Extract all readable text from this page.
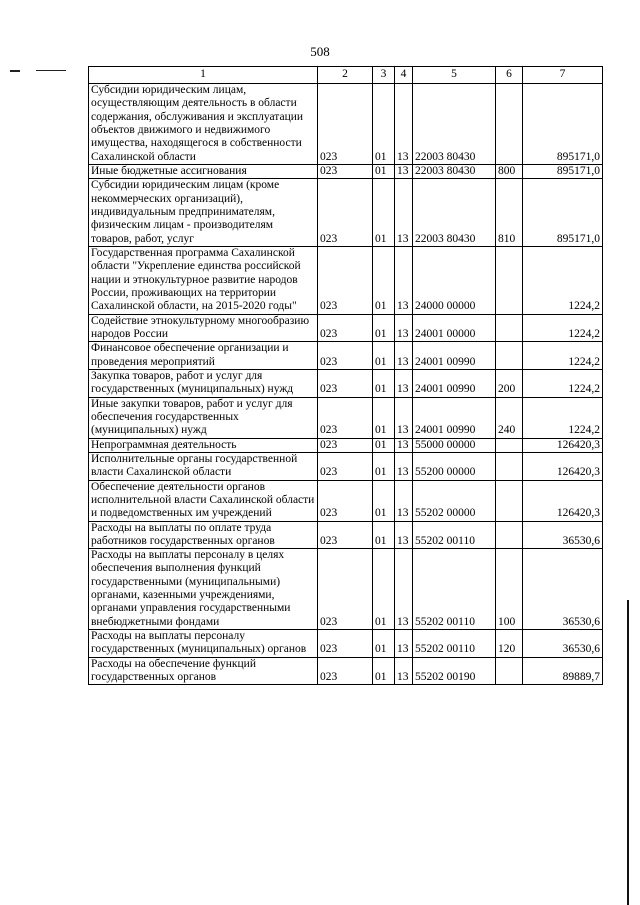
508
1	2	3	4	5	6	7
Субсидии юридическим лицам, осуществляющим деятельность в области содержания, обслуживания и эксплуатации объектов движимого и недвижимого имущества, находящегося в собственности Сахалинской области	023	01	13	22003 80430		895171,0
Иные бюджетные ассигнования	023	01	13	22003 80430	800	895171,0
Субсидии юридическим лицам (кроме некоммерческих организаций), индивидуальным предпринимателям, физическим лицам - производителям товаров, работ, услуг	023	01	13	22003 80430	810	895171,0
Государственная программа Сахалинской области "Укрепление единства российской нации и этнокультурное развитие народов России, проживающих на территории Сахалинской области, на 2015-2020 годы"	023	01	13	24000 00000		1224,2
Содействие этнокультурному многообразию народов России	023	01	13	24001 00000		1224,2
Финансовое обеспечение организации и проведения мероприятий	023	01	13	24001 00990		1224,2
Закупка товаров, работ и услуг для государственных (муниципальных) нужд	023	01	13	24001 00990	200	1224,2
Иные закупки товаров, работ и услуг для обеспечения государственных (муниципальных) нужд	023	01	13	24001 00990	240	1224,2
Непрограммная деятельность	023	01	13	55000 00000		126420,3
Исполнительные органы государственной власти Сахалинской области	023	01	13	55200 00000		126420,3
Обеспечение деятельности органов исполнительной власти Сахалинской области и подведомственных им учреждений	023	01	13	55202 00000		126420,3
Расходы на выплаты по оплате труда работников государственных органов	023	01	13	55202 00110		36530,6
Расходы на выплаты персоналу в целях обеспечения выполнения функций государственными (муниципальными) органами, казенными учреждениями, органами управления государственными внебюджетными фондами	023	01	13	55202 00110	100	36530,6
Расходы на выплаты персоналу государственных (муниципальных) органов	023	01	13	55202 00110	120	36530,6
Расходы на обеспечение функций государственных органов	023	01	13	55202 00190		89889,7
